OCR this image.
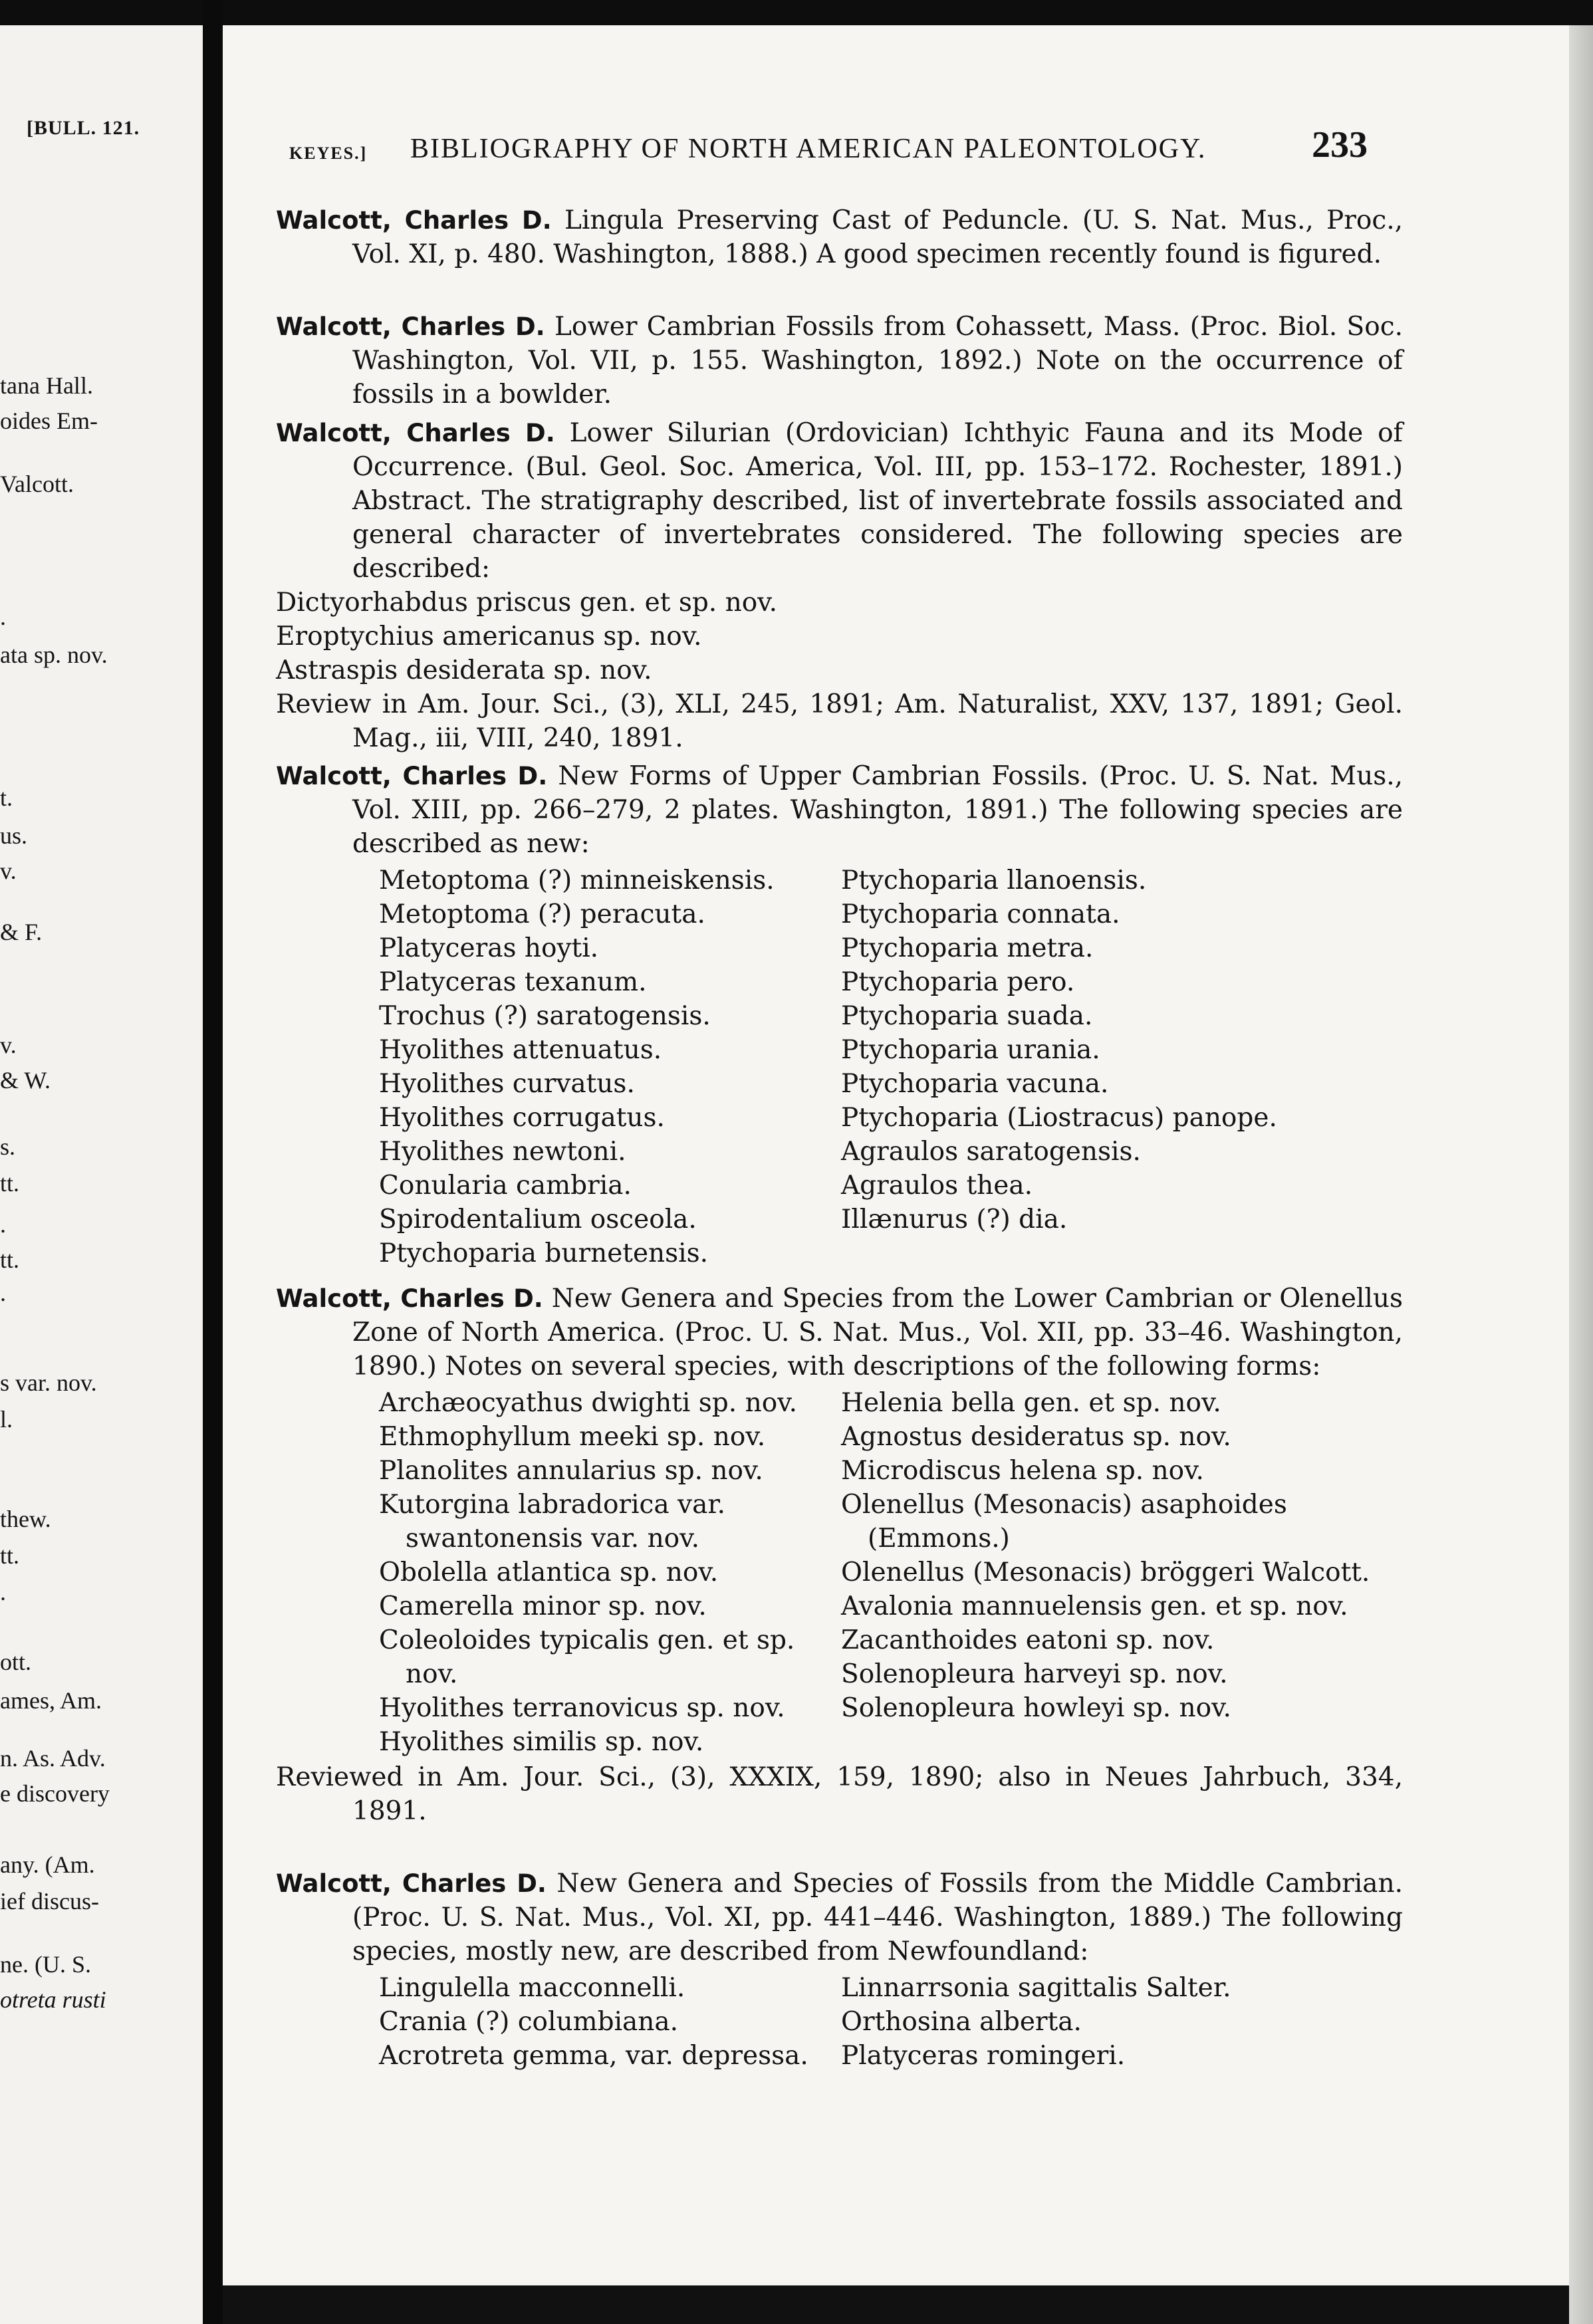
[BULL. 121.
tana Hall.
oides Em-
Valcott.
.
ata sp. nov.
t.
us.
v.
& F.
v.
& W.
s.
tt.
.
tt.
.
s var. nov.
l.
thew.
tt.
.
ott.
ames, Am.
n. As. Adv.
e discovery
any. (Am.
ief discus-
ne. (U. S.
otreta rusti
KEYES.] BIBLIOGRAPHY OF NORTH AMERICAN PALEONTOLOGY.	233

Walcott, Charles D. Lingula Preserving Cast of Peduncle. (U. S. Nat. Mus., Proc., Vol. XI, p. 480. Washington, 1888.) A good specimen recently found is figured.

Walcott, Charles D. Lower Cambrian Fossils from Cohassett, Mass. (Proc. Biol. Soc. Washington, Vol. VII, p. 155. Washington, 1892.) Note on the occurrence of fossils in a bowlder.

Walcott, Charles D. Lower Silurian (Ordovician) Ichthyic Fauna and its Mode of Occurrence. (Bul. Geol. Soc. America, Vol. III, pp. 153–172. Rochester, 1891.) Abstract. The stratigraphy described, list of invertebrate fossils associated and general character of invertebrates considered. The following species are described:

Dictyorhabdus priscus gen. et sp. nov.

Eroptychius americanus sp. nov.

Astraspis desiderata sp. nov.

Review in Am. Jour. Sci., (3), XLI, 245, 1891; Am. Naturalist, XXV, 137, 1891; Geol. Mag., iii, VIII, 240, 1891.

Walcott, Charles D. New Forms of Upper Cambrian Fossils. (Proc. U. S. Nat. Mus., Vol. XIII, pp. 266–279, 2 plates. Washington, 1891.) The following species are described as new:

Metoptoma (?) minneiskensis.
Metoptoma (?) peracuta.
Platyceras hoyti.
Platyceras texanum.
Trochus (?) saratogensis.
Hyolithes attenuatus.
Hyolithes curvatus.
Hyolithes corrugatus.
Hyolithes newtoni.
Conularia cambria.
Spirodentalium osceola.
Ptychoparia burnetensis.
Ptychoparia llanoensis.
Ptychoparia connata.
Ptychoparia metra.
Ptychoparia pero.
Ptychoparia suada.
Ptychoparia urania.
Ptychoparia vacuna.
Ptychoparia (Liostracus) panope.
Agraulos saratogensis.
Agraulos thea.
Illænurus (?) dia.

Walcott, Charles D. New Genera and Species from the Lower Cambrian or Olenellus Zone of North America. (Proc. U. S. Nat. Mus., Vol. XII, pp. 33–46. Washington, 1890.) Notes on several species, with descriptions of the following forms:

Archæocyathus dwighti sp. nov.
Ethmophyllum meeki sp. nov.
Planolites annularius sp. nov.
Kutorgina labradorica var. swantonensis var. nov.
Obolella atlantica sp. nov.
Camerella minor sp. nov.
Coleoloides typicalis gen. et sp. nov.
Hyolithes terranovicus sp. nov.
Hyolithes similis sp. nov.
Helenia bella gen. et sp. nov.
Agnostus desideratus sp. nov.
Microdiscus helena sp. nov.
Olenellus (Mesonacis) asaphoides (Emmons.)
Olenellus (Mesonacis) bröggeri Walcott.
Avalonia mannuelensis gen. et sp. nov.
Zacanthoides eatoni sp. nov.
Solenopleura harveyi sp. nov.
Solenopleura howleyi sp. nov.

Reviewed in Am. Jour. Sci., (3), XXXIX, 159, 1890; also in Neues Jahrbuch, 334, 1891.

Walcott, Charles D. New Genera and Species of Fossils from the Middle Cambrian. (Proc. U. S. Nat. Mus., Vol. XI, pp. 441–446. Washington, 1889.) The following species, mostly new, are described from Newfoundland:

Lingulella macconnelli.
Crania (?) columbiana.
Acrotreta gemma, var. depressa.
Linnarrsonia sagittalis Salter.
Orthosina alberta.
Platyceras romingeri.
